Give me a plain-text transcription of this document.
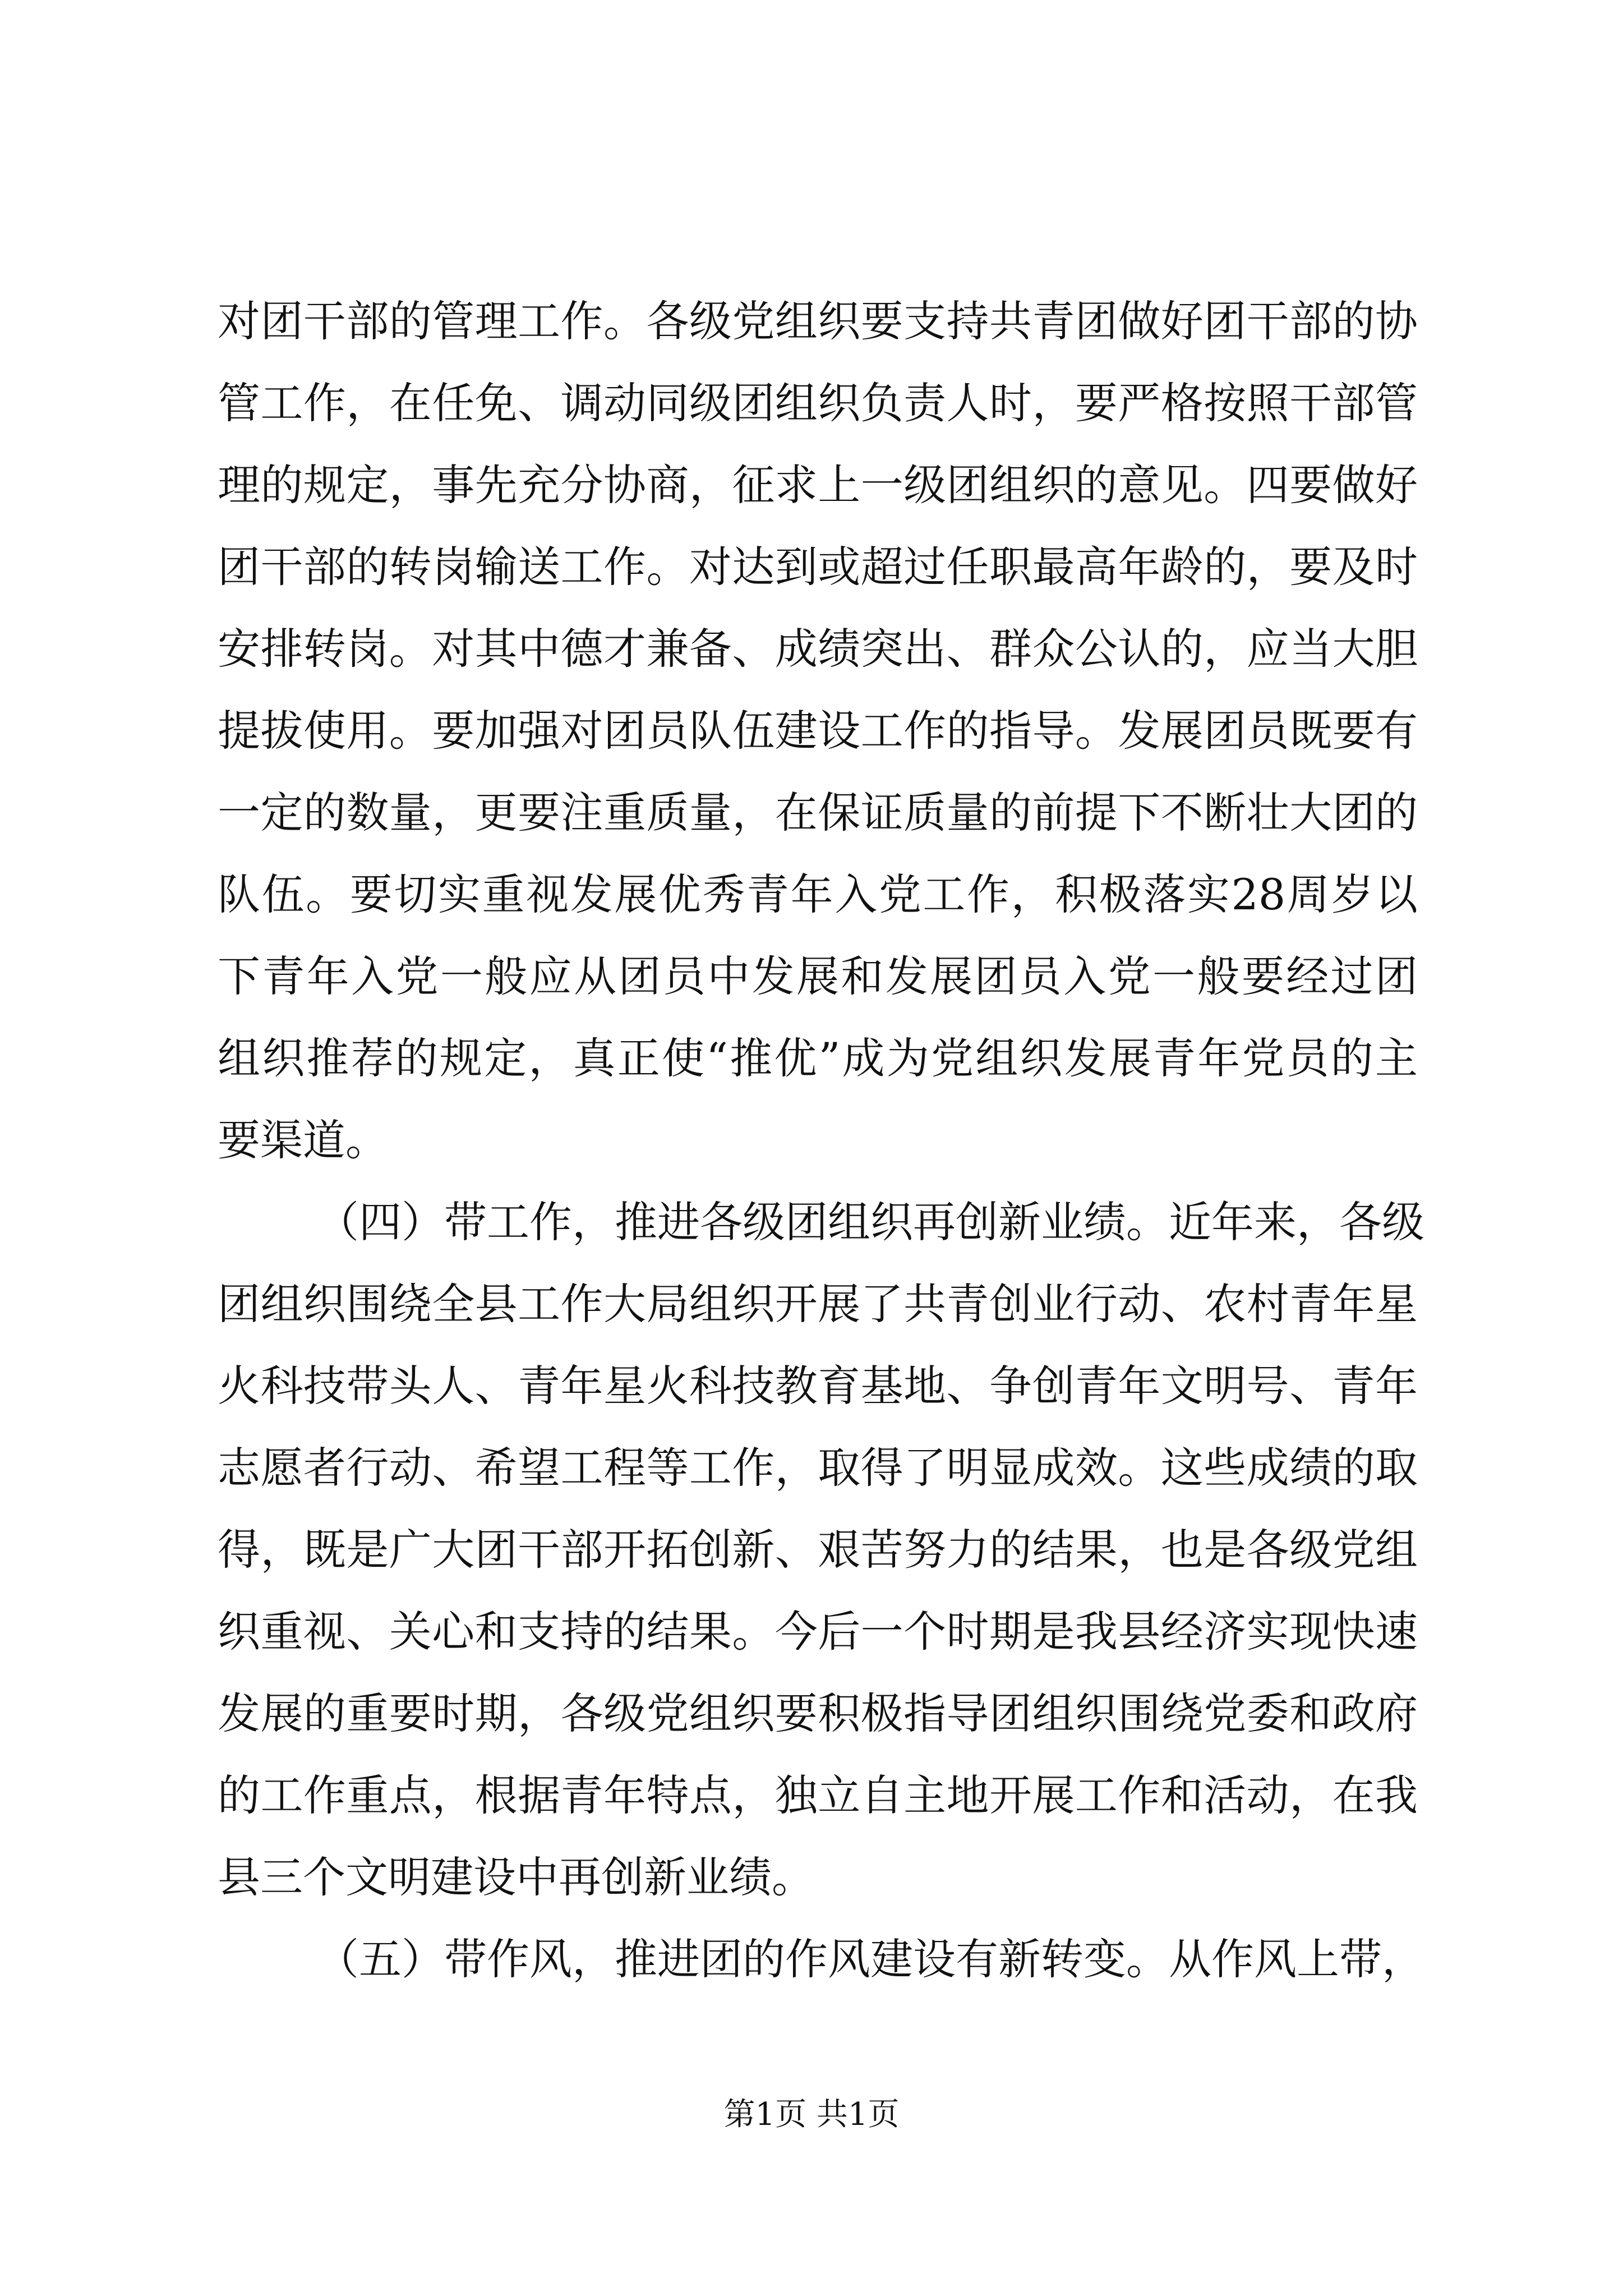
对团干部的管理工作。各级党组织要支持共青团做好团干部的协
管工作，在任免、调动同级团组织负责人时，要严格按照干部管
理的规定，事先充分协商，征求上一级团组织的意见。四要做好
团干部的转岗输送工作。对达到或超过任职最高年龄的，要及时
安排转岗。对其中德才兼备、成绩突出、群众公认的，应当大胆
提拔使用。要加强对团员队伍建设工作的指导。发展团员既要有
一定的数量，更要注重质量，在保证质量的前提下不断壮大团的
队伍。要切实重视发展优秀青年入党工作，积极落实28周岁以
下青年入党一般应从团员中发展和发展团员入党一般要经过团
组织推荐的规定，真正使“推优”成为党组织发展青年党员的主
要渠道。
（四）带工作，推进各级团组织再创新业绩。近年来，各级
团组织围绕全县工作大局组织开展了共青创业行动、农村青年星
火科技带头人、青年星火科技教育基地、争创青年文明号、青年
志愿者行动、希望工程等工作，取得了明显成效。这些成绩的取
得，既是广大团干部开拓创新、艰苦努力的结果，也是各级党组
织重视、关心和支持的结果。今后一个时期是我县经济实现快速
发展的重要时期，各级党组织要积极指导团组织围绕党委和政府
的工作重点，根据青年特点，独立自主地开展工作和活动，在我
县三个文明建设中再创新业绩。
（五）带作风，推进团的作风建设有新转变。从作风上带，
第1页 共1页
